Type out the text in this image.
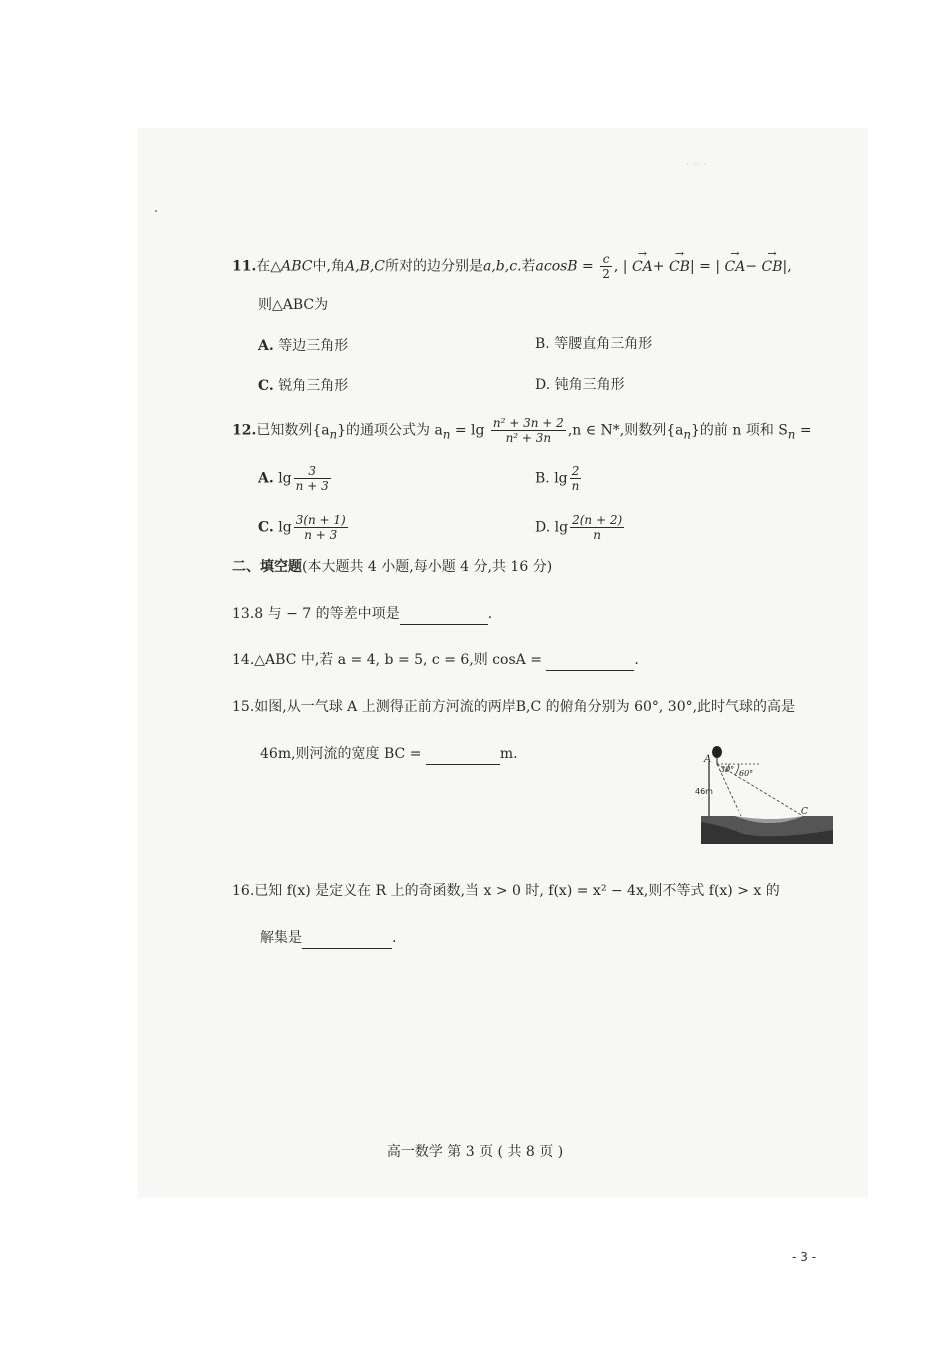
· ·· ·
11.在△ABC中,角A,B,C所对的边分别是a,b,c.若$acosB = \frac{c}{2}$ , | → CA+ → CB| = | → CA− → CB|,
则△ABC为
A. 等边三角形	B. 等腰直角三角形
C. 锐角三角形	D. 钝角三角形
12.已知数列$\{a_n\}$的通项公式为 $a_n = \lg \frac{\text{n² + 3n + 2}}{\text{n² + 3n}} ,n$ ∈ N*,则数列$\{a_n\}$的前 n 项和 $S_n$ =
A. $\lg \frac{3}{n + 3}$	B. $\lg \frac{2}{n}$
C. $\lg \frac{3(n + 1)}{n + 3}$	D. $\lg \frac{2(n + 2)}{n}$
二、填空题(本大题共 4 小题,每小题 4 分,共 16 分)
13.8 与 − 7 的等差中项是	.
14.△ABC 中,若 a = 4, b = 5, c = 6,则 cosA =	.
15.如图,从一气球 A 上测得正前方河流的两岸B,C 的俯角分别为 60°, 30°,此时气球的高是
46m,则河流的宽度 BC =	m.	A
46m
30° 60°
B	C
16.已知 f(x) 是定义在 R 上的奇函数,当 x > 0 时, f(x) = x² − 4x,则不等式 f(x) > x 的
解集是	.
高一数学 第 3 页 ( 共 8 页 )
- 3 -
